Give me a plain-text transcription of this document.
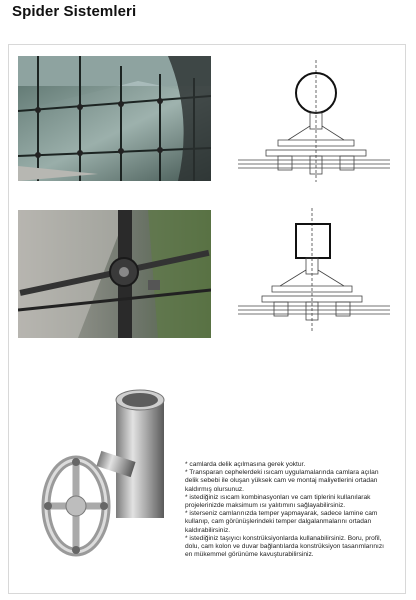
Spider Sistemleri

* camlarda delik açılmasına gerek yoktur.

* Transparan cephelerdeki ısıcam uygulamalarında camlara açılan delik sebebi ile oluşan yüksek cam ve montaj maliyetlerini ortadan kaldırmış olursunuz.

* istediğiniz ısıcam kombinasyonları ve cam tiplerini kullanılarak projelerinizde maksimum ısı yalıtımını sağlayabilirsiniz.

* isterseniz camlarınızda temper yapmayarak, sadece lamine cam kullanıp, cam görünüşlerindeki temper dalgalanmalarını ortadan kaldırabilirsiniz.

* istediğiniz taşıyıcı konstrüksiyonlarda kullanabilirsiniz. Boru, profil, dolu, cam kolon ve duvar bağlantılarda konstrüksiyon tasarımlarınızı en mükemmel görünüme kavuşturabilirsiniz.
